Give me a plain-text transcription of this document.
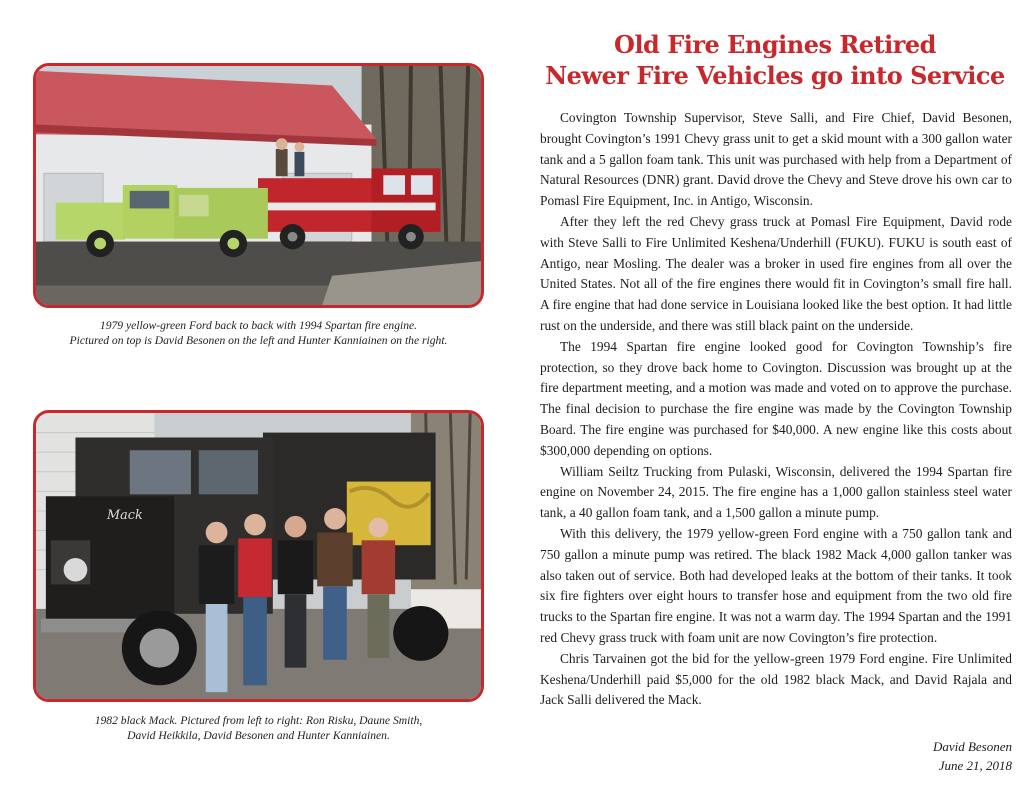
1979 yellow-green Ford back to back with 1994 Spartan fire engine.
Pictured on top is David Besonen on the left and Hunter Kanniainen on the right.
Mack
1982 black Mack. Pictured from left to right: Ron Risku, Daune Smith,
David Heikkila, David Besonen and Hunter Kanniainen.
Old Fire Engines Retired
Newer Fire Vehicles go into Service

Covington Township Supervisor, Steve Salli, and Fire Chief, David Besonen, brought Covington’s 1991 Chevy grass unit to get a skid mount with a 300 gallon water tank and a 5 gallon foam tank. This unit was purchased with help from a Department of Natural Resources (DNR) grant. David drove the Chevy and Steve drove his own car to Pomasl Fire Equipment, Inc. in Antigo, Wisconsin.

After they left the red Chevy grass truck at Pomasl Fire Equipment, David rode with Steve Salli to Fire Unlimited Keshena/Underhill (FUKU). FUKU is south east of Antigo, near Mosling. The dealer was a broker in used fire engines from all over the United States. Not all of the fire engines there would fit in Covington’s small fire hall. A fire engine that had done service in Louisiana looked like the best option. It had little rust on the underside, and there was still black paint on the underside.

The 1994 Spartan fire engine looked good for Covington Township’s fire protection, so they drove back home to Covington. Discussion was brought up at the fire department meeting, and a motion was made and voted on to approve the purchase. The final decision to purchase the fire engine was made by the Covington Township Board. The fire engine was purchased for $40,000. A new engine like this costs about $300,000 depending on options.

William Seiltz Trucking from Pulaski, Wisconsin, delivered the 1994 Spartan fire engine on November 24, 2015. The fire engine has a 1,000 gallon stainless steel water tank, a 40 gallon foam tank, and a 1,500 gallon a minute pump.

With this delivery, the 1979 yellow-green Ford engine with a 750 gallon tank and 750 gallon a minute pump was retired. The black 1982 Mack 4,000 gallon tanker was also taken out of service. Both had developed leaks at the bottom of their tanks. It took six fire fighters over eight hours to transfer hose and equipment from the two old fire trucks to the Spartan fire engine. It was not a warm day. The 1994 Spartan and the 1991 red Chevy grass truck with foam unit are now Covington’s fire protection.

Chris Tarvainen got the bid for the yellow-green 1979 Ford engine. Fire Unlimited Keshena/Underhill paid $5,000 for the old 1982 black Mack, and David Rajala and Jack Salli delivered the Mack.

David Besonen
June 21, 2018
